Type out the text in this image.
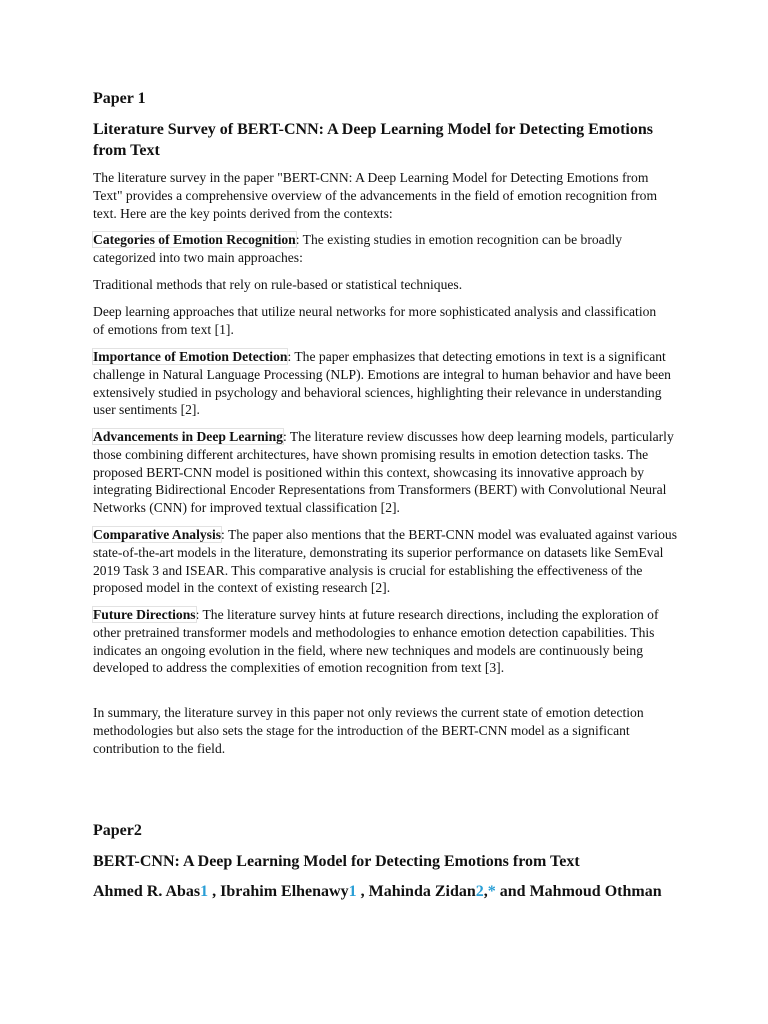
Paper 1
Literature Survey of BERT-CNN: A Deep Learning Model for Detecting Emotions from Text

The literature survey in the paper "BERT-CNN: A Deep Learning Model for Detecting Emotions from Text" provides a comprehensive overview of the advancements in the field of emotion recognition from text. Here are the key points derived from the contexts:

Categories of Emotion Recognition: The existing studies in emotion recognition can be broadly categorized into two main approaches:

Traditional methods that rely on rule-based or statistical techniques.

Deep learning approaches that utilize neural networks for more sophisticated analysis and classification of emotions from text [1].

Importance of Emotion Detection: The paper emphasizes that detecting emotions in text is a significant challenge in Natural Language Processing (NLP). Emotions are integral to human behavior and have been extensively studied in psychology and behavioral sciences, highlighting their relevance in understanding user sentiments [2].

Advancements in Deep Learning: The literature review discusses how deep learning models, particularly those combining different architectures, have shown promising results in emotion detection tasks. The proposed BERT-CNN model is positioned within this context, showcasing its innovative approach by integrating Bidirectional Encoder Representations from Transformers (BERT) with Convolutional Neural Networks (CNN) for improved textual classification [2].

Comparative Analysis: The paper also mentions that the BERT-CNN model was evaluated against various state-of-the-art models in the literature, demonstrating its superior performance on datasets like SemEval 2019 Task 3 and ISEAR. This comparative analysis is crucial for establishing the effectiveness of the proposed model in the context of existing research [2].

Future Directions: The literature survey hints at future research directions, including the exploration of other pretrained transformer models and methodologies to enhance emotion detection capabilities. This indicates an ongoing evolution in the field, where new techniques and models are continuously being developed to address the complexities of emotion recognition from text [3].

In summary, the literature survey in this paper not only reviews the current state of emotion detection methodologies but also sets the stage for the introduction of the BERT-CNN model as a significant contribution to the field.

Paper2
BERT-CNN: A Deep Learning Model for Detecting Emotions from Text
Ahmed R. Abas1 , Ibrahim Elhenawy1 , Mahinda Zidan2,* and Mahmoud Othman
